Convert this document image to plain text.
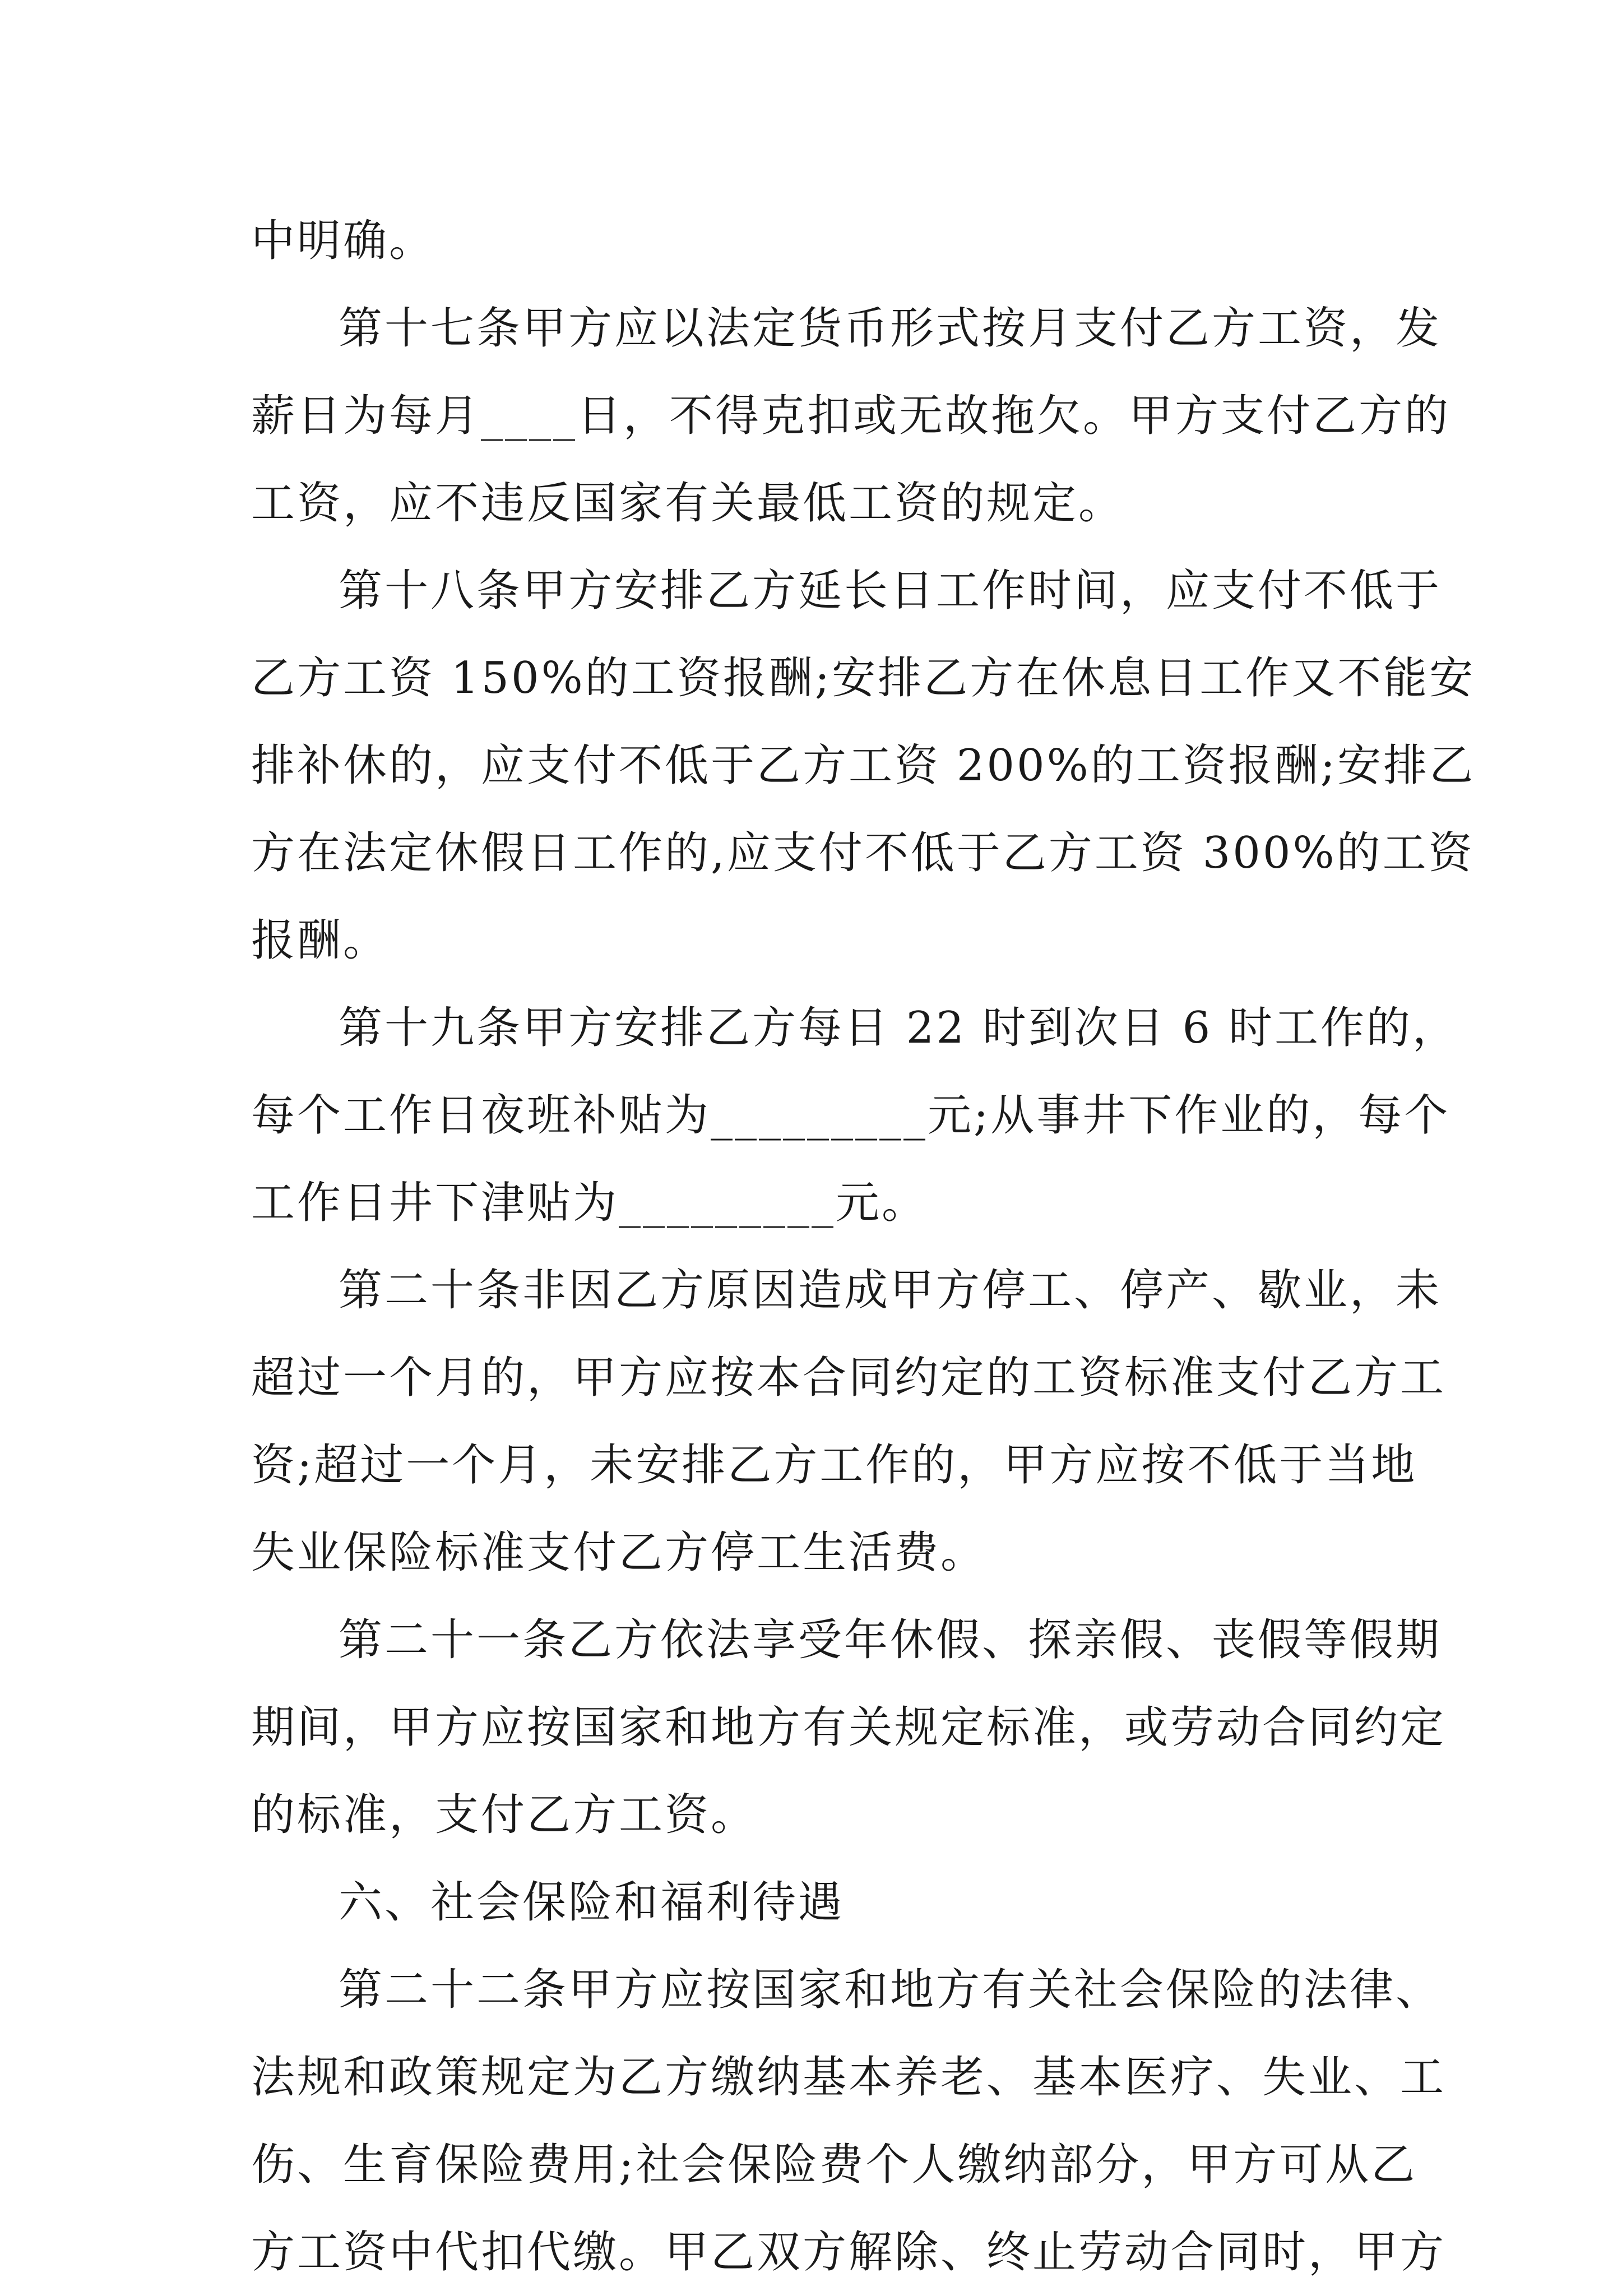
中明确。
第十七条甲方应以法定货币形式按月支付乙方工资，发
薪日为每月____日，不得克扣或无故拖欠。甲方支付乙方的
工资，应不违反国家有关最低工资的规定。
第十八条甲方安排乙方延长日工作时间，应支付不低于
乙方工资 150%的工资报酬;安排乙方在休息日工作又不能安
排补休的，应支付不低于乙方工资 200%的工资报酬;安排乙
方在法定休假日工作的,应支付不低于乙方工资 300%的工资
报酬。
第十九条甲方安排乙方每日 22 时到次日 6 时工作的，
每个工作日夜班补贴为_________元;从事井下作业的，每个
工作日井下津贴为_________元。
第二十条非因乙方原因造成甲方停工、停产、歇业，未
超过一个月的，甲方应按本合同约定的工资标准支付乙方工
资;超过一个月，未安排乙方工作的，甲方应按不低于当地
失业保险标准支付乙方停工生活费。
第二十一条乙方依法享受年休假、探亲假、丧假等假期
期间，甲方应按国家和地方有关规定标准，或劳动合同约定
的标准，支付乙方工资。
六、社会保险和福利待遇
第二十二条甲方应按国家和地方有关社会保险的法律、
法规和政策规定为乙方缴纳基本养老、基本医疗、失业、工
伤、生育保险费用;社会保险费个人缴纳部分，甲方可从乙
方工资中代扣代缴。甲乙双方解除、终止劳动合同时，甲方
